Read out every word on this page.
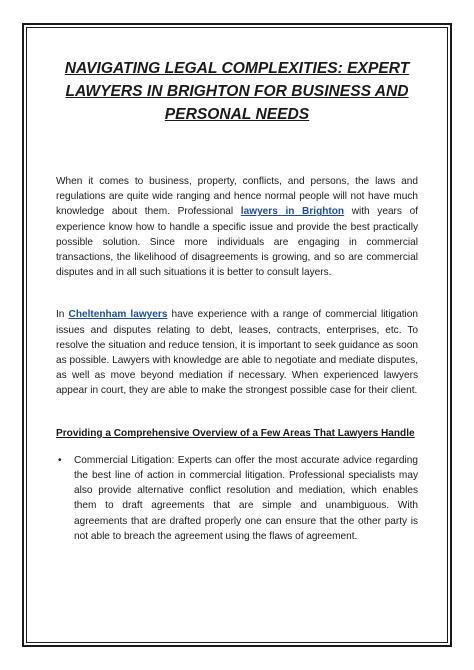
NAVIGATING LEGAL COMPLEXITIES: EXPERT LAWYERS IN BRIGHTON FOR BUSINESS AND PERSONAL NEEDS

When it comes to business, property, conflicts, and persons, the laws and regulations are quite wide ranging and hence normal people will not have much knowledge about them. Professional lawyers in Brighton with years of experience know how to handle a specific issue and provide the best practically possible solution. Since more individuals are engaging in commercial transactions, the likelihood of disagreements is growing, and so are commercial disputes and in all such situations it is better to consult layers.

In Cheltenham lawyers have experience with a range of commercial litigation issues and disputes relating to debt, leases, contracts, enterprises, etc. To resolve the situation and reduce tension, it is important to seek guidance as soon as possible. Lawyers with knowledge are able to negotiate and mediate disputes, as well as move beyond mediation if necessary. When experienced lawyers appear in court, they are able to make the strongest possible case for their client.

Providing a Comprehensive Overview of a Few Areas That Lawyers Handle
•	Commercial Litigation: Experts can offer the most accurate advice regarding the best line of action in commercial litigation. Professional specialists may also provide alternative conflict resolution and mediation, which enables them to draft agreements that are simple and unambiguous. With agreements that are drafted properly one can ensure that the other party is not able to breach the agreement using the flaws of agreement.
